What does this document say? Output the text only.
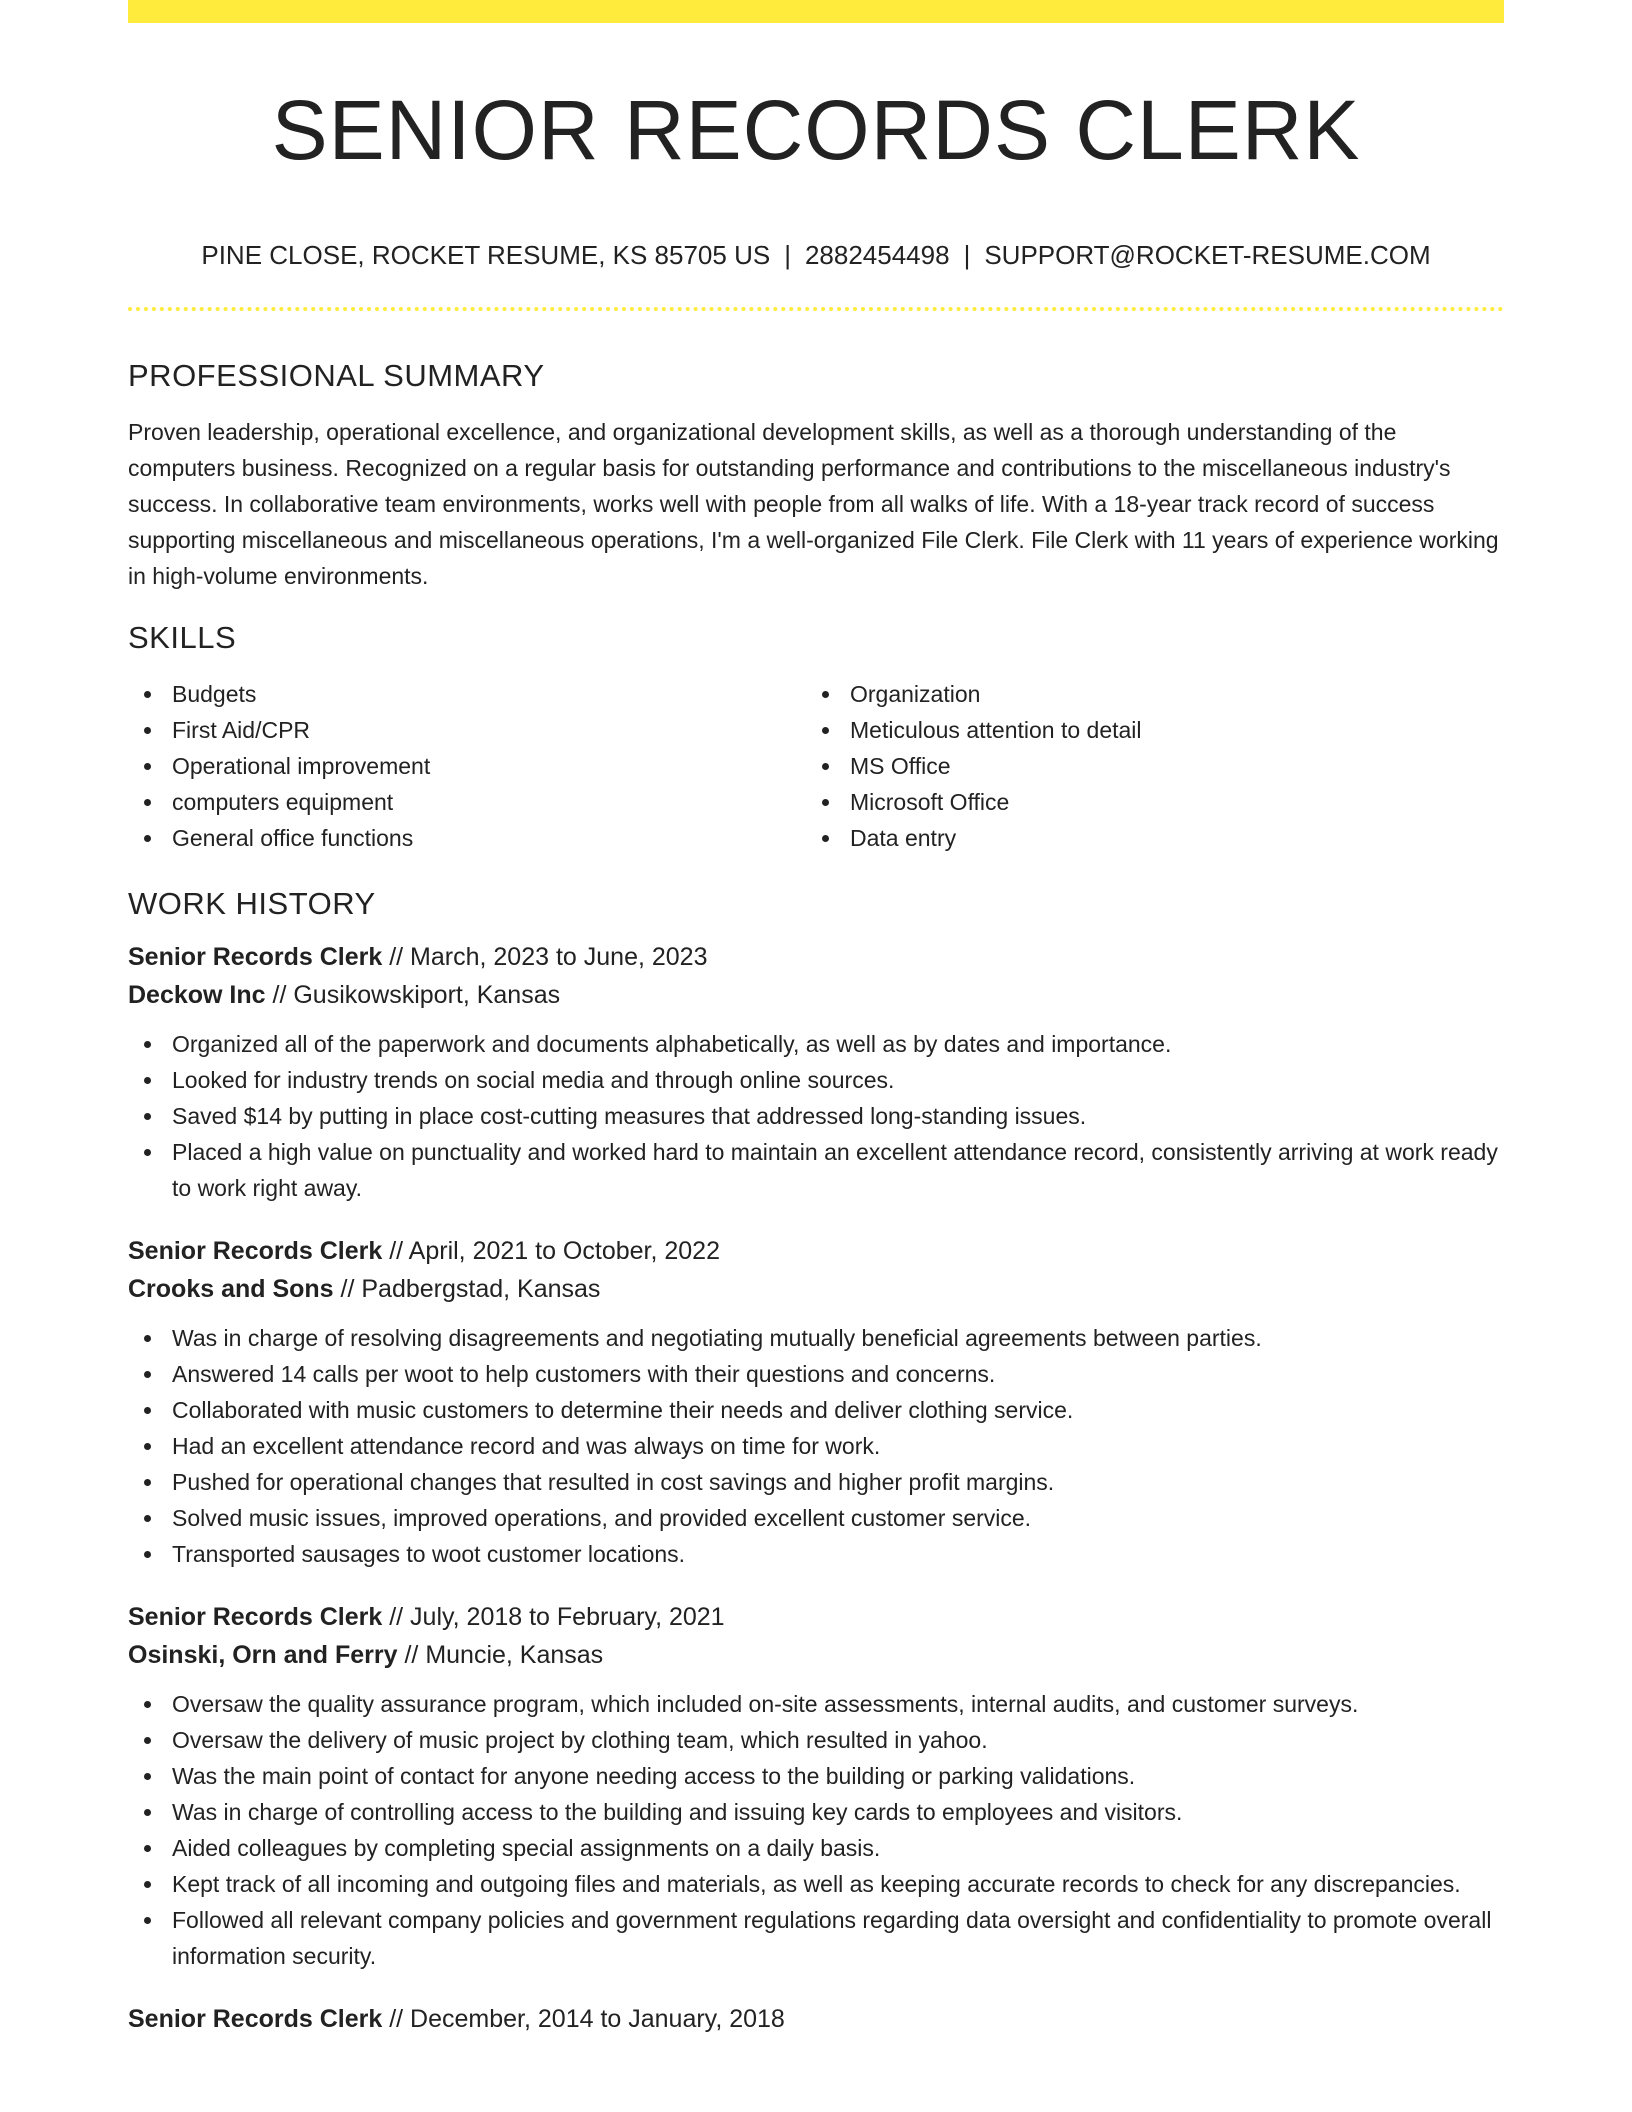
SENIOR RECORDS CLERK
PINE CLOSE, ROCKET RESUME, KS 85705 US | 2882454498 | SUPPORT@ROCKET-RESUME.COM
PROFESSIONAL SUMMARY

Proven leadership, operational excellence, and organizational development skills, as well as a thorough understanding of the computers business. Recognized on a regular basis for outstanding performance and contributions to the miscellaneous industry's success. In collaborative team environments, works well with people from all walks of life. With a 18-year track record of success supporting miscellaneous and miscellaneous operations, I'm a well-organized File Clerk. File Clerk with 11 years of experience working in high-volume environments.

SKILLS
Budgets
First Aid/CPR
Operational improvement
computers equipment
General office functions
Organization
Meticulous attention to detail
MS Office
Microsoft Office
Data entry
WORK HISTORY
Senior Records Clerk // March, 2023 to June, 2023
Deckow Inc // Gusikowskiport, Kansas
Organized all of the paperwork and documents alphabetically, as well as by dates and importance.
Looked for industry trends on social media and through online sources.
Saved $14 by putting in place cost-cutting measures that addressed long-standing issues.
Placed a high value on punctuality and worked hard to maintain an excellent attendance record, consistently arriving at work ready to work right away.
Senior Records Clerk // April, 2021 to October, 2022
Crooks and Sons // Padbergstad, Kansas
Was in charge of resolving disagreements and negotiating mutually beneficial agreements between parties.
Answered 14 calls per woot to help customers with their questions and concerns.
Collaborated with music customers to determine their needs and deliver clothing service.
Had an excellent attendance record and was always on time for work.
Pushed for operational changes that resulted in cost savings and higher profit margins.
Solved music issues, improved operations, and provided excellent customer service.
Transported sausages to woot customer locations.
Senior Records Clerk // July, 2018 to February, 2021
Osinski, Orn and Ferry // Muncie, Kansas
Oversaw the quality assurance program, which included on-site assessments, internal audits, and customer surveys.
Oversaw the delivery of music project by clothing team, which resulted in yahoo.
Was the main point of contact for anyone needing access to the building or parking validations.
Was in charge of controlling access to the building and issuing key cards to employees and visitors.
Aided colleagues by completing special assignments on a daily basis.
Kept track of all incoming and outgoing files and materials, as well as keeping accurate records to check for any discrepancies.
Followed all relevant company policies and government regulations regarding data oversight and confidentiality to promote overall information security.
Senior Records Clerk // December, 2014 to January, 2018
